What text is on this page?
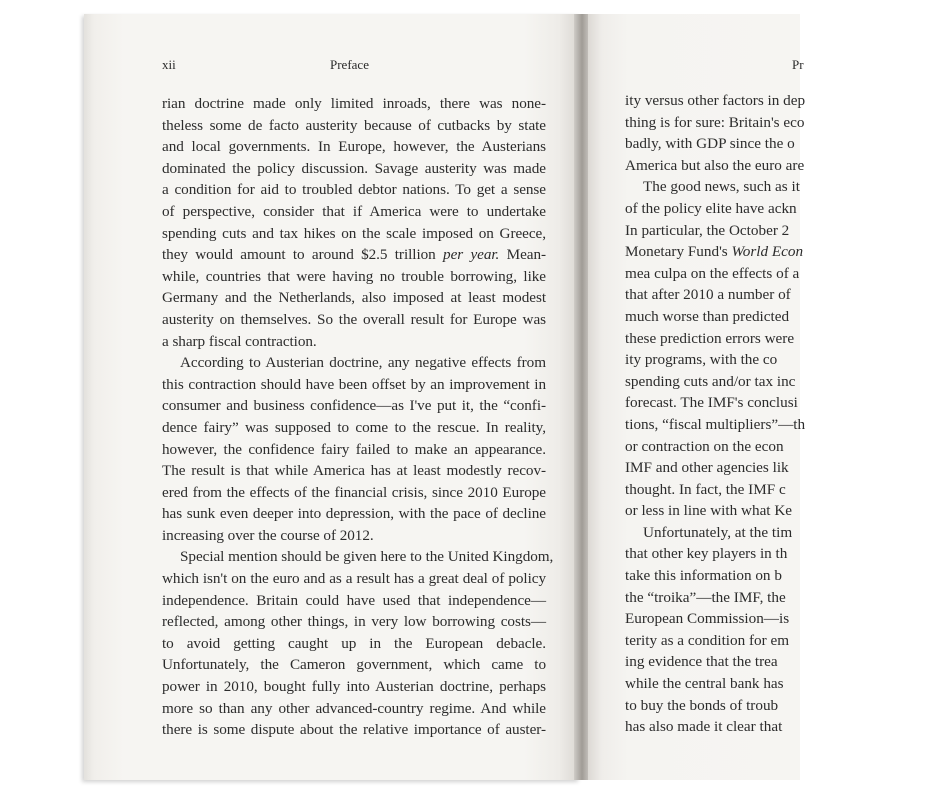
xii	Preface
rian doctrine made only limited inroads, there was none-
theless some de facto austerity because of cutbacks by state
and local governments. In Europe, however, the Austerians
dominated the policy discussion. Savage austerity was made
a condition for aid to troubled debtor nations. To get a sense
of perspective, consider that if America were to undertake
spending cuts and tax hikes on the scale imposed on Greece,
they would amount to around $2.5 trillion per year. Mean-
while, countries that were having no trouble borrowing, like
Germany and the Netherlands, also imposed at least modest
austerity on themselves. So the overall result for Europe was
a sharp fiscal contraction.
According to Austerian doctrine, any negative effects from
this contraction should have been offset by an improvement in
consumer and business confidence—as I've put it, the “confi-
dence fairy” was supposed to come to the rescue. In reality,
however, the confidence fairy failed to make an appearance.
The result is that while America has at least modestly recov-
ered from the effects of the financial crisis, since 2010 Europe
has sunk even deeper into depression, with the pace of decline
increasing over the course of 2012.
Special mention should be given here to the United Kingdom,
which isn't on the euro and as a result has a great deal of policy
independence. Britain could have used that independence—
reflected, among other things, in very low borrowing costs—
to avoid getting caught up in the European debacle.
Unfortunately, the Cameron government, which came to
power in 2010, bought fully into Austerian doctrine, perhaps
more so than any other advanced-country regime. And while
there is some dispute about the relative importance of auster-
Pr
ity versus other factors in dep
thing is for sure: Britain's eco
badly, with GDP since the o
America but also the euro are
The good news, such as it
of the policy elite have ackn
In particular, the October 2
Monetary Fund's World Econ
mea culpa on the effects of a
that after 2010 a number of
much worse than predicted
these prediction errors were
ity programs, with the co
spending cuts and/or tax inc
forecast. The IMF's conclusi
tions, “fiscal multipliers”—th
or contraction on the econ
IMF and other agencies lik
thought. In fact, the IMF c
or less in line with what Ke
Unfortunately, at the tim
that other key players in th
take this information on b
the “troika”—the IMF, the
European Commission—is
terity as a condition for em
ing evidence that the trea
while the central bank has
to buy the bonds of troub
has also made it clear that
